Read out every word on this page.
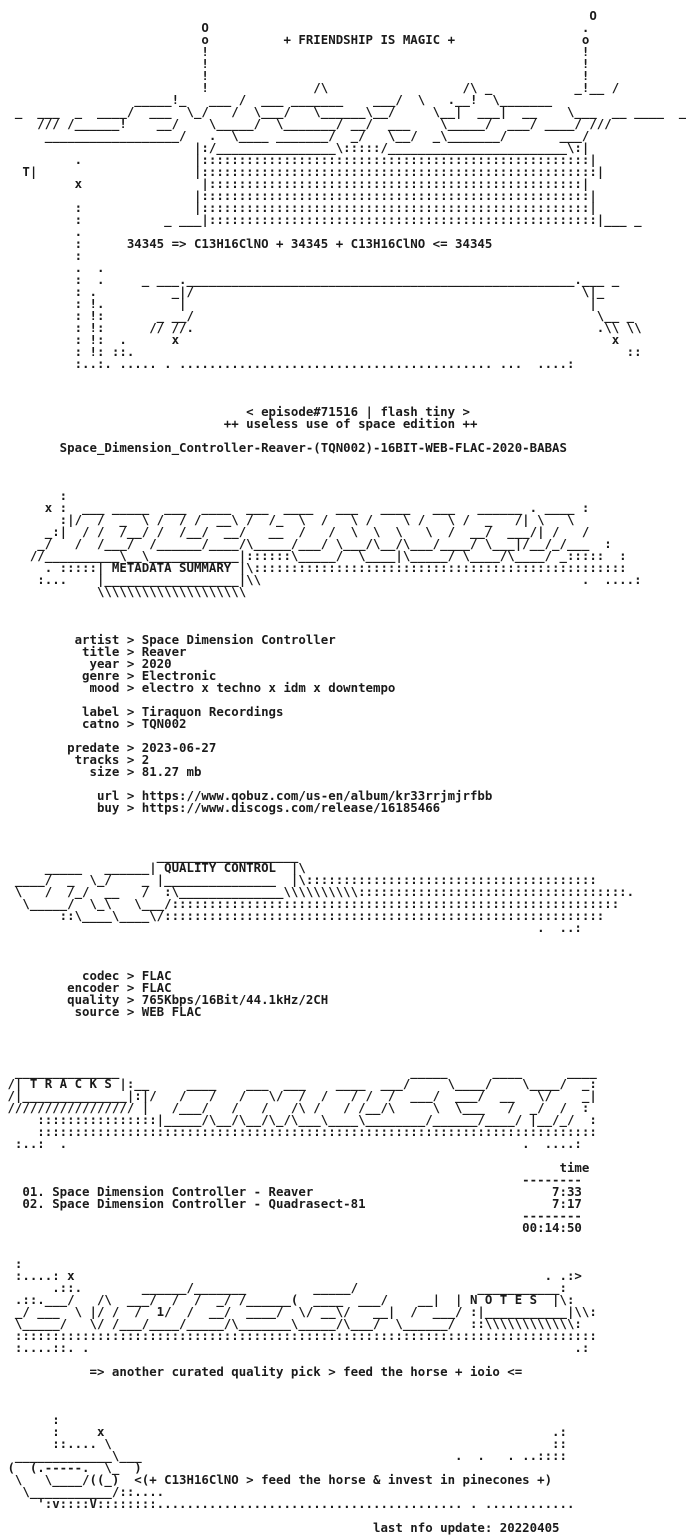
O
O                                                  .
o          + FRIENDSHIP IS MAGIC +                 o
!                                                  !
!                                                  !
!                                                  !
!              /\                  /\ _           _!__ /
_____!_   ___ /  ___ _______    ___/  \   .__!  \_______
_  ___  _  ____/  ___  \_/   /  \___/   \______\__/     \__|  ___|  __    \___  __ ____  _
/// /______!    __/    \_____/  \_______/ __/  ___    \_____/  ___/ ____/ ///
__________________/   .  \____ _______/  _/   \__/  _\_______/       ___/
|:/________________\:::::/________________________\:|
.               |::::::::::::::::::::::::::::::::::::::::::::::::::::|
T|                     |:::::::::::::::::::::::::::::::::::::::::::::::::::::|
x                |::::::::::::::::::::::::::::::::::::::::::::::::::|
|::::::::::::::::::::::::::::::::::::::::::::::::::::|
:               |::::::::::::::::::::::::::::::::::::::::::::::::::::|
:           _ ___|::::::::::::::::::::::::::::::::::::::::::::::::::::|___ _
.
:      34345 => C13H16ClNO + 34345 + C13H16ClNO <= 34345
:
.  .
:  .     _ ___.____________________________________________________.___ _
: .          _|/                                                    \|_
: !.          |                                                      |
: !:       _ __/                                                      \__ _
: !:      // //.                                                      .\\ \\
: !:  .      x                                                          x
: !: ::.                                                                  ::
:..:. ..... . .......................................... ...  ....:
< episode#71516 | flash tiny >
++ useless use of space edition ++
Space_Dimension_Controller-Reaver-(TQN002)-16BIT-WEB-FLAC-2020-BABAS
:
x :  ___ _____  ___  ____  ___  ____   ___   ____   ___   ______ . ____ :
:|/  /  _  \ /  / /  __\ /  /_  \  /   \ /    \ /   \ /  _   /| \   \
_:|  / /  /__/ /  /__/  __/   __  /   /  \  \  \   \  /  __/  ___/| /   /
_/   /  /___/  /______/____/\_____/___/ \___/\__/\___/____/ \___|/__/_/___  :
//__________\__\____________|::::::\_____/  \____|\_____/ \____/\____/ _:::::  :
. :::::| METADATA SUMMARY |\::::::::::::::::::::::::::::::::::::::::::::::::::
:...    |__________________|\\                                           .  ....:
\\\\\\\\\\\\\\\\\\\\
artist > Space Dimension Controller
title > Reaver
year > 2020
genre > Electronic
mood > electro x techno x idm x downtempo
label > Tiraquon Recordings
catno > TQN002
predate > 2023-06-27
tracks > 2
size > 81.27 mb
url > https://www.qobuz.com/us-en/album/kr33rrjmjrfbb
buy > https://www.discogs.com/release/16185466
___________________
_____   ______| QUALITY CONTROL  |\
____/  _  \_/    _ |_______________  |\:::::::::::::::::::::::::::::::::::::::
\   /  /_/  __   /  :\______________\\\\\\\\\\::::::::::::::::::::::::::::::::::::.
\_____/  \_\   \___/::::::::::::::::::::::::::::::::::::::::::::::::::::::::::::
::\____\____\/:::::::::::::::::::::::::::::::::::::::::::::::::::::::::::
.  ..:
codec > FLAC
encoder > FLAC
quality > 765Kbps/16Bit/44.1kHz/2CH
source > WEB FLAC
______________                                       _____      ____      ____
/| T R A C K S |:__     ____    ___  ___    ____  ___/     \____/    \____/  _:
/|______________|:|/   /   /   /   \/  /  /   / /  /  ___/  ___/  __   \/    _|
///////////////// |   /___/   /   /   /\ /   / /__/\     \  \___   /  _/  /  :
::::::::::::::::|_____/\__/\__/\_/\___\____\________/______/____/ |__/_/  :
:::::::::::::::::::::::::::::::::::::::::::::::::::::::::::::::::::::::::::
:..:  .                                                             .  ....:
time
--------
01. Space Dimension Controller - Reaver                                7:33
02. Space Dimension Controller - Quadrasect-81                         7:17
--------
00:14:50
:
:....: x                                                               . .:>
.::.        ______/_______         _____/                ___________:
.::.___/   /\  ___/  /  /  _/ /______(  ____  ___/    __|  | N O T E S  |\:
_/ ___  \ |/ /  /  1/  /  __/  ____/  \/ __\/   __|  /  ___/ :|___________|\\:
\_____/   \/ /___/____/_____/\_______\_____/\___/  \______/  ::\\\\\\\\\\\\:
::::::::::::::::::::::::::::::::::::::::::::::::::::::::::::::::::::::::::::::
:....::. .                                                                 .:
=> another curated quality pick > feed the horse + ioio <=
:
:     x                                                            .:
::.... \                                                           ::
_____________\___                                          .  .   . ..::::
(  (.-----.  \_  )
\   \____/((_)  <(+ C13H16ClNO > feed the horse & invest in pinecones +)
\___________/::....
':v::::V::::::::......................................... . ............
last nfo update: 20220405
